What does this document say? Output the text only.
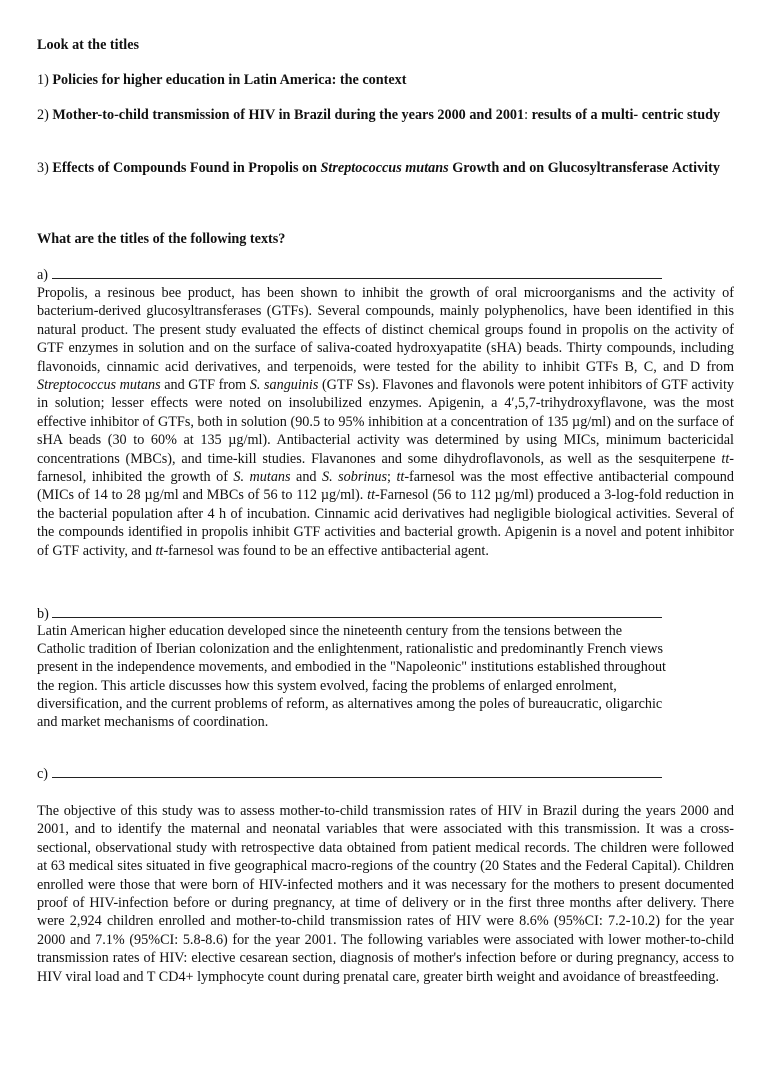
Look at the titles

1) Policies for higher education in Latin America: the context

2) Mother-to-child transmission of HIV in Brazil during the years 2000 and 2001: results of a multi- centric study

3) Effects of Compounds Found in Propolis on Streptococcus mutans Growth and on Glucosyltransferase Activity

What are the titles of the following texts?

a)

Propolis, a resinous bee product, has been shown to inhibit the growth of oral microorganisms and the activity of bacterium-derived glucosyltransferases (GTFs). Several compounds, mainly polyphenolics, have been identified in this natural product. The present study evaluated the effects of distinct chemical groups found in propolis on the activity of GTF enzymes in solution and on the surface of saliva-coated hydroxyapatite (sHA) beads. Thirty compounds, including flavonoids, cinnamic acid derivatives, and terpenoids, were tested for the ability to inhibit GTFs B, C, and D from Streptococcus mutans and GTF from S. sanguinis (GTF Ss). Flavones and flavonols were potent inhibitors of GTF activity in solution; lesser effects were noted on insolubilized enzymes. Apigenin, a 4′,5,7-trihydroxyflavone, was the most effective inhibitor of GTFs, both in solution (90.5 to 95% inhibition at a concentration of 135 µg/ml) and on the surface of sHA beads (30 to 60% at 135 µg/ml). Antibacterial activity was determined by using MICs, minimum bactericidal concentrations (MBCs), and time-kill studies. Flavanones and some dihydroflavonols, as well as the sesquiterpene tt-farnesol, inhibited the growth of S. mutans and S. sobrinus; tt-farnesol was the most effective antibacterial compound (MICs of 14 to 28 µg/ml and MBCs of 56 to 112 µg/ml). tt-Farnesol (56 to 112 µg/ml) produced a 3-log-fold reduction in the bacterial population after 4 h of incubation. Cinnamic acid derivatives had negligible biological activities. Several of the compounds identified in propolis inhibit GTF activities and bacterial growth. Apigenin is a novel and potent inhibitor of GTF activity, and tt-farnesol was found to be an effective antibacterial agent.

b)

Latin American higher education developed since the nineteenth century from the tensions between the
Catholic tradition of Iberian colonization and the enlightenment, rationalistic and predominantly French views
present in the independence movements, and embodied in the "Napoleonic" institutions established throughout
the region. This article discusses how this system evolved, facing the problems of enlarged enrolment,
diversification, and the current problems of reform, as alternatives among the poles of bureaucratic, oligarchic
and market mechanisms of coordination.

c)

The objective of this study was to assess mother-to-child transmission rates of HIV in Brazil during the years 2000 and 2001, and to identify the maternal and neonatal variables that were associated with this transmission. It was a cross-sectional, observational study with retrospective data obtained from patient medical records. The children were followed at 63 medical sites situated in five geographical macro-regions of the country (20 States and the Federal Capital). Children enrolled were those that were born of HIV-infected mothers and it was necessary for the mothers to present documented proof of HIV-infection before or during pregnancy, at time of delivery or in the first three months after delivery. There were 2,924 children enrolled and mother-to-child transmission rates of HIV were 8.6% (95%CI: 7.2-10.2) for the year 2000 and 7.1% (95%CI: 5.8-8.6) for the year 2001. The following variables were associated with lower mother-to-child transmission rates of HIV: elective cesarean section, diagnosis of mother's infection before or during pregnancy, access to HIV viral load and T CD4+ lymphocyte count during prenatal care, greater birth weight and avoidance of breastfeeding.
